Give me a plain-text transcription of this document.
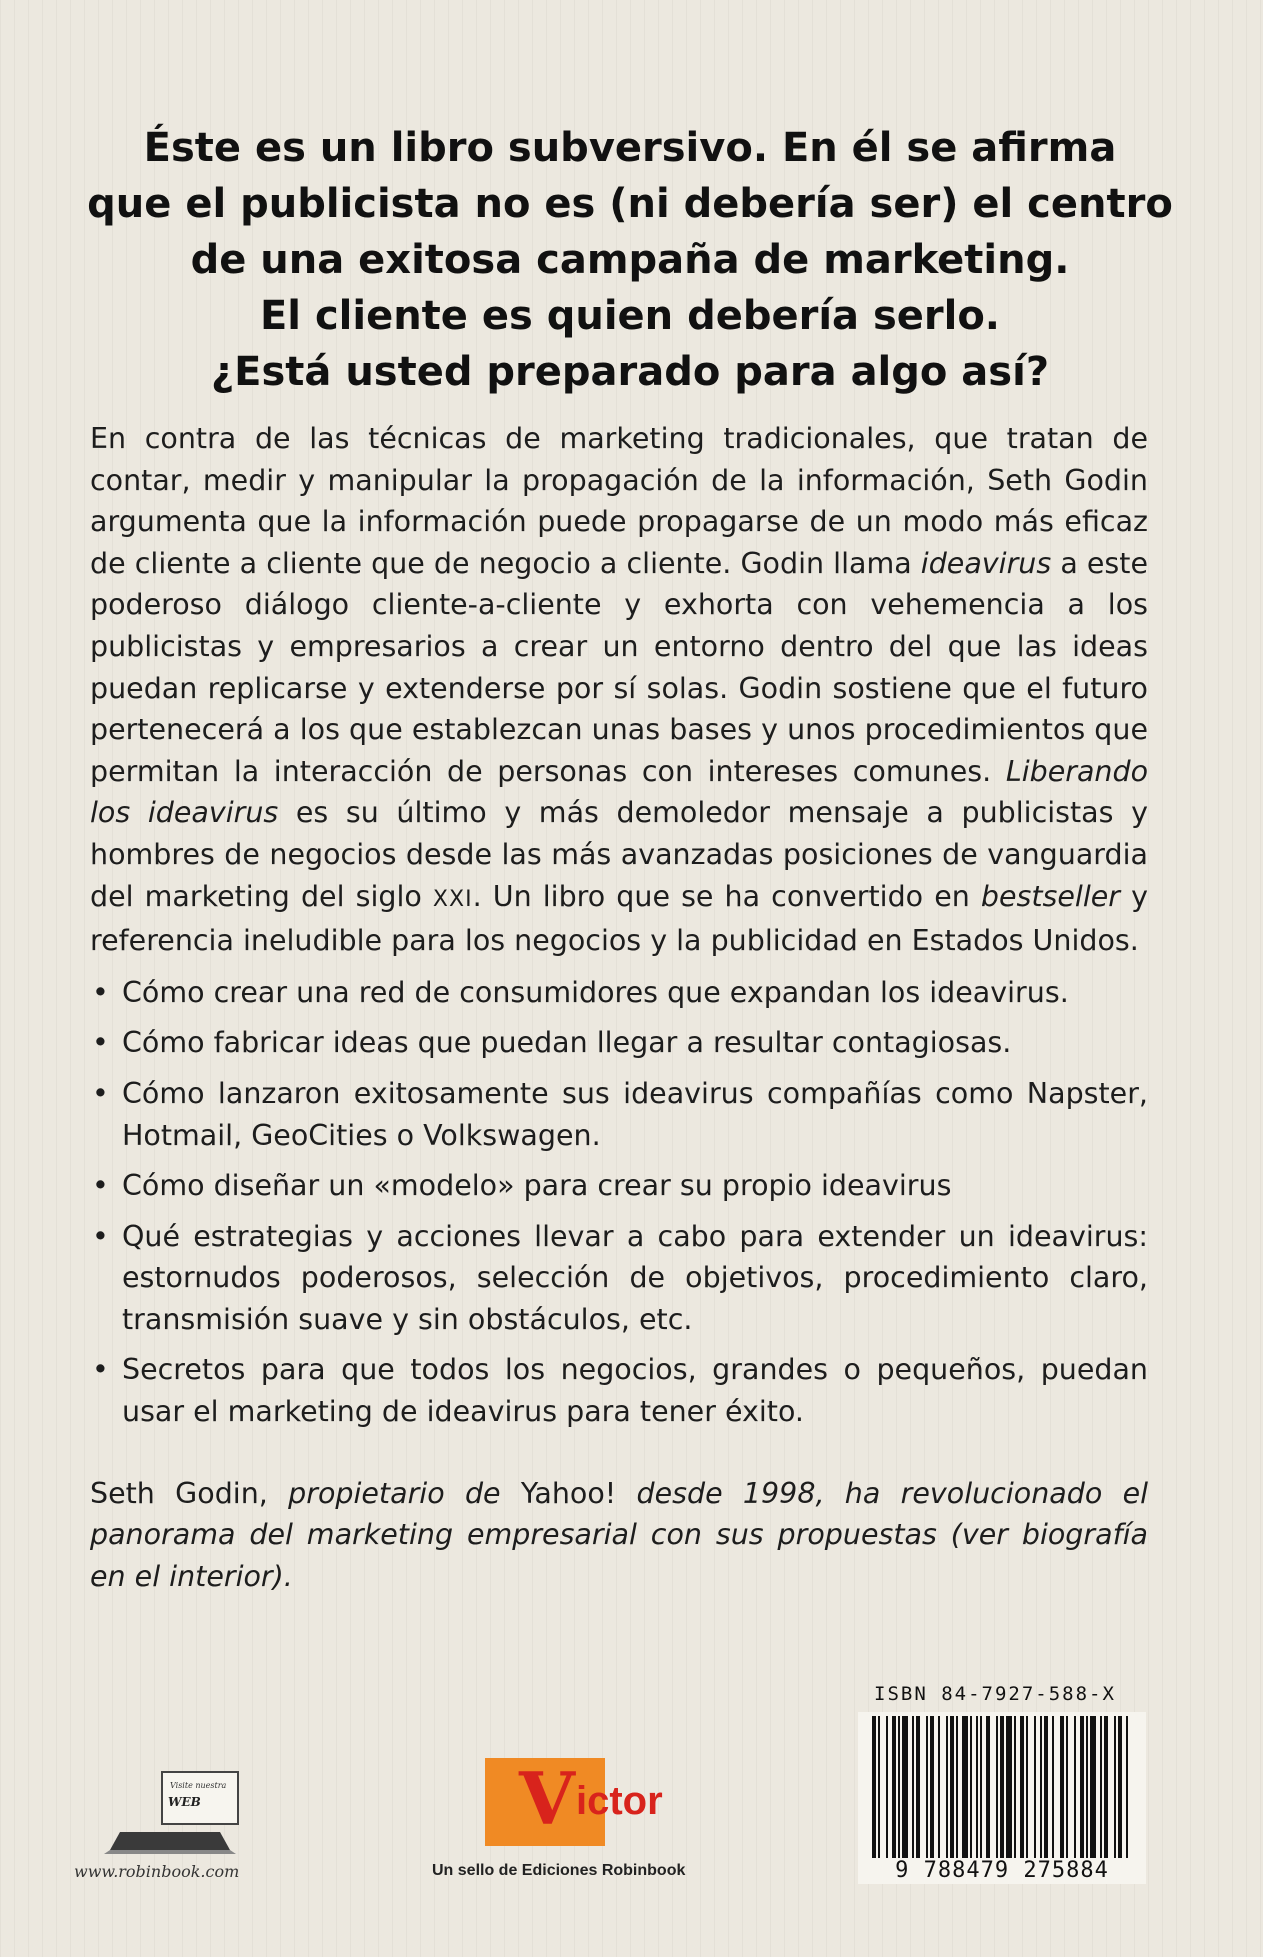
Éste es un libro subversivo. En él se afirma
que el publicista no es (ni debería ser) el centro
de una exitosa campaña de marketing.
El cliente es quien debería serlo.
¿Está usted preparado para algo así?

En contra de las técnicas de marketing tradicionales, que tratan de contar, medir y manipular la propagación de la información, Seth Godin argumenta que la información puede propagarse de un modo más eficaz de cliente a cliente que de negocio a cliente. Godin llama ideavirus a este poderoso diálogo cliente-a-cliente y exhorta con vehemencia a los publicistas y empresarios a crear un entorno dentro del que las ideas puedan replicarse y extenderse por sí solas. Godin sostiene que el futuro pertenecerá a los que establezcan unas bases y unos procedimientos que permitan la interacción de personas con intereses comunes. Liberando los ideavirus es su último y más demoledor mensaje a publicistas y hombres de negocios desde las más avanzadas posiciones de vanguardia del marketing del siglo XXI. Un libro que se ha convertido en bestseller y referencia ineludible para los negocios y la publicidad en Estados Unidos.

• Cómo crear una red de consumidores que expandan los ideavirus.
• Cómo fabricar ideas que puedan llegar a resultar contagiosas.
• Cómo lanzaron exitosamente sus ideavirus compañías como Napster, Hotmail, GeoCities o Volkswagen.
• Cómo diseñar un «modelo» para crear su propio ideavirus
• Qué estrategias y acciones llevar a cabo para extender un ideavirus: estornudos poderosos, selección de objetivos, procedimiento claro, transmisión suave y sin obstáculos, etc.
• Secretos para que todos los negocios, grandes o pequeños, puedan usar el marketing de ideavirus para tener éxito.

Seth Godin, propietario de Yahoo! desde 1998, ha revolucionado el panorama del marketing empresarial con sus propuestas (ver biografía en el interior).

Visite nuestra
WEB
www.robinbook.com
V ictor
Un sello de Ediciones Robinbook
ISBN 84-7927-588-X
9 788479 275884
